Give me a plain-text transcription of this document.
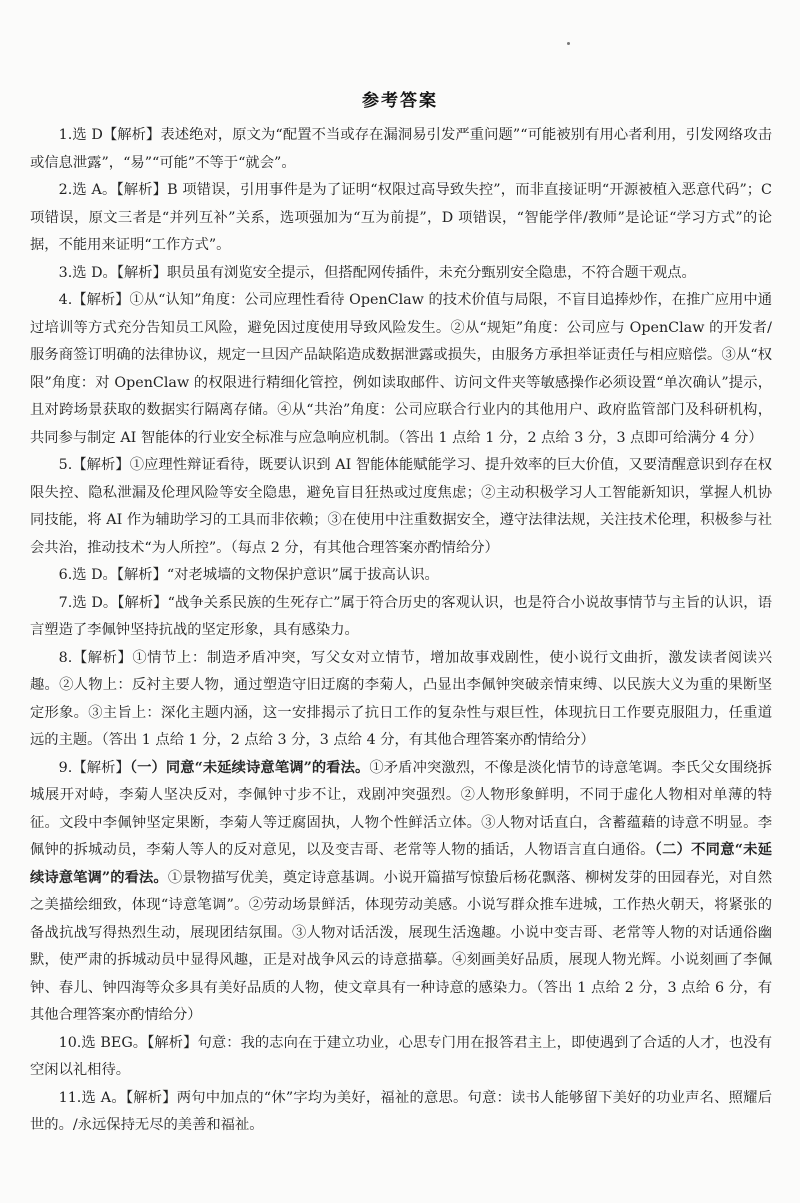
参考答案

1.选 D【解析】表述绝对，原文为“配置不当或存在漏洞易引发严重问题”“可能被别有用心者利用，引发网络攻击或信息泄露”，“易”“可能”不等于“就会”。

2.选 A。【解析】B 项错误，引用事件是为了证明“权限过高导致失控”，而非直接证明“开源被植入恶意代码”；C 项错误，原文三者是“并列互补”关系，选项强加为“互为前提”，D 项错误，“智能学伴/教师”是论证“学习方式”的论据，不能用来证明“工作方式”。

3.选 D。【解析】职员虽有浏览安全提示，但搭配网传插件，未充分甄别安全隐患，不符合题干观点。

4.【解析】①从“认知”角度：公司应理性看待 OpenClaw 的技术价值与局限，不盲目追捧炒作，在推广应用中通过培训等方式充分告知员工风险，避免因过度使用导致风险发生。②从“规矩”角度：公司应与 OpenClaw 的开发者/服务商签订明确的法律协议，规定一旦因产品缺陷造成数据泄露或损失，由服务方承担举证责任与相应赔偿。③从“权限”角度：对 OpenClaw 的权限进行精细化管控，例如读取邮件、访问文件夹等敏感操作必须设置“单次确认”提示，且对跨场景获取的数据实行隔离存储。④从“共治”角度：公司应联合行业内的其他用户、政府监管部门及科研机构，共同参与制定 AI 智能体的行业安全标准与应急响应机制。（答出 1 点给 1 分，2 点给 3 分，3 点即可给满分 4 分）

5.【解析】①应理性辩证看待，既要认识到 AI 智能体能赋能学习、提升效率的巨大价值，又要清醒意识到存在权限失控、隐私泄漏及伦理风险等安全隐患，避免盲目狂热或过度焦虑；②主动积极学习人工智能新知识，掌握人机协同技能，将 AI 作为辅助学习的工具而非依赖；③在使用中注重数据安全，遵守法律法规，关注技术伦理，积极参与社会共治，推动技术“为人所控”。（每点 2 分，有其他合理答案亦酌情给分）

6.选 D。【解析】“对老城墙的文物保护意识”属于拔高认识。

7.选 D。【解析】“战争关系民族的生死存亡”属于符合历史的客观认识，也是符合小说故事情节与主旨的认识，语言塑造了李佩钟坚持抗战的坚定形象，具有感染力。

8.【解析】①情节上：制造矛盾冲突，写父女对立情节，增加故事戏剧性，使小说行文曲折，激发读者阅读兴趣。②人物上：反衬主要人物，通过塑造守旧迂腐的李菊人，凸显出李佩钟突破亲情束缚、以民族大义为重的果断坚定形象。③主旨上：深化主题内涵，这一安排揭示了抗日工作的复杂性与艰巨性，体现抗日工作要克服阻力，任重道远的主题。（答出 1 点给 1 分，2 点给 3 分，3 点给 4 分，有其他合理答案亦酌情给分）

9.【解析】（一）同意“未延续诗意笔调”的看法。①矛盾冲突激烈，不像是淡化情节的诗意笔调。李氏父女围绕拆城展开对峙，李菊人坚决反对，李佩钟寸步不让，戏剧冲突强烈。②人物形象鲜明，不同于虚化人物相对单薄的特征。文段中李佩钟坚定果断，李菊人等迂腐固执，人物个性鲜活立体。③人物对话直白，含蓄蕴藉的诗意不明显。李佩钟的拆城动员，李菊人等人的反对意见，以及变吉哥、老常等人物的插话，人物语言直白通俗。（二）不同意“未延续诗意笔调”的看法。①景物描写优美，奠定诗意基调。小说开篇描写惊蛰后杨花飘落、柳树发芽的田园春光，对自然之美描绘细致，体现“诗意笔调”。②劳动场景鲜活，体现劳动美感。小说写群众推车进城，工作热火朝天，将紧张的备战抗战写得热烈生动，展现团结氛围。③人物对话活泼，展现生活逸趣。小说中变吉哥、老常等人物的对话通俗幽默，使严肃的拆城动员中显得风趣，正是对战争风云的诗意描摹。④刻画美好品质，展现人物光辉。小说刻画了李佩钟、春儿、钟四海等众多具有美好品质的人物，使文章具有一种诗意的感染力。（答出 1 点给 2 分，3 点给 6 分，有其他合理答案亦酌情给分）

10.选 BEG。【解析】句意：我的志向在于建立功业，心思专门用在报答君主上，即使遇到了合适的人才，也没有空闲以礼相待。

11.选 A。【解析】两句中加点的“休”字均为美好，福祉的意思。句意：读书人能够留下美好的功业声名、照耀后世的。/永远保持无尽的美善和福祉。
